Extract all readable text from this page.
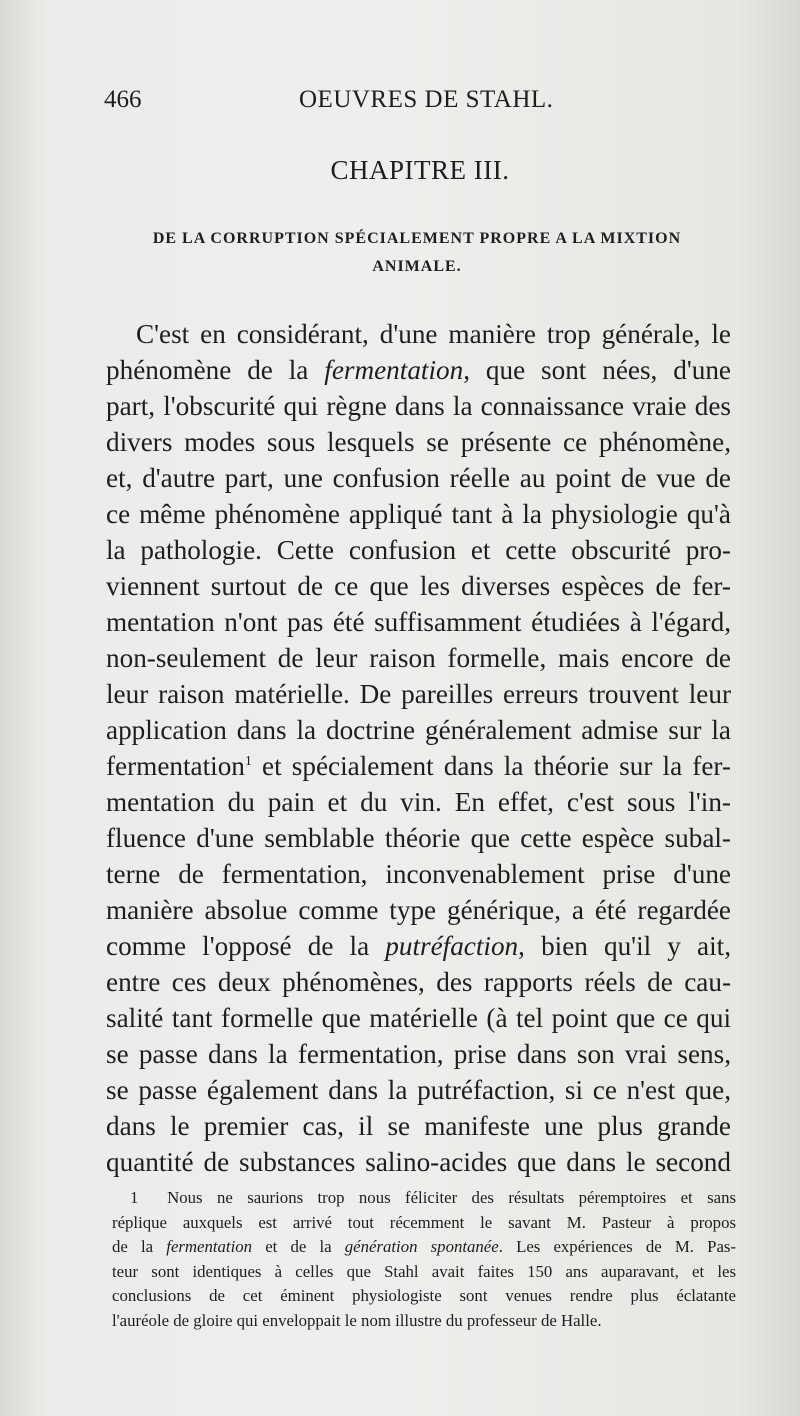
466	OEUVRES DE STAHL.
CHAPITRE III.
DE LA CORRUPTION SPÉCIALEMENT PROPRE A LA MIXTION
ANIMALE.
C'est en considérant, d'une manière trop générale, le
phénomène de la fermentation, que sont nées, d'une
part, l'obscurité qui règne dans la connaissance vraie des
divers modes sous lesquels se présente ce phénomène,
et, d'autre part, une confusion réelle au point de vue de
ce même phénomène appliqué tant à la physiologie qu'à
la pathologie. Cette confusion et cette obscurité pro-
viennent surtout de ce que les diverses espèces de fer-
mentation n'ont pas été suffisamment étudiées à l'égard,
non-seulement de leur raison formelle, mais encore de
leur raison matérielle. De pareilles erreurs trouvent leur
application dans la doctrine généralement admise sur la
fermentation$^1$ et spécialement dans la théorie sur la fer-
mentation du pain et du vin. En effet, c'est sous l'in-
fluence d'une semblable théorie que cette espèce subal-
terne de fermentation, inconvenablement prise d'une
manière absolue comme type générique, a été regardée
comme l'opposé de la putréfaction, bien qu'il y ait,
entre ces deux phénomènes, des rapports réels de cau-
salité tant formelle que matérielle (à tel point que ce qui
se passe dans la fermentation, prise dans son vrai sens,
se passe également dans la putréfaction, si ce n'est que,
dans le premier cas, il se manifeste une plus grande
quantité de substances salino-acides que dans le second
1 Nous ne saurions trop nous féliciter des résultats péremptoires et sans
réplique auxquels est arrivé tout récemment le savant M. Pasteur à propos
de la fermentation et de la génération spontanée. Les expériences de M. Pas-
teur sont identiques à celles que Stahl avait faites 150 ans auparavant, et les
conclusions de cet éminent physiologiste sont venues rendre plus éclatante
l'auréole de gloire qui enveloppait le nom illustre du professeur de Halle.
